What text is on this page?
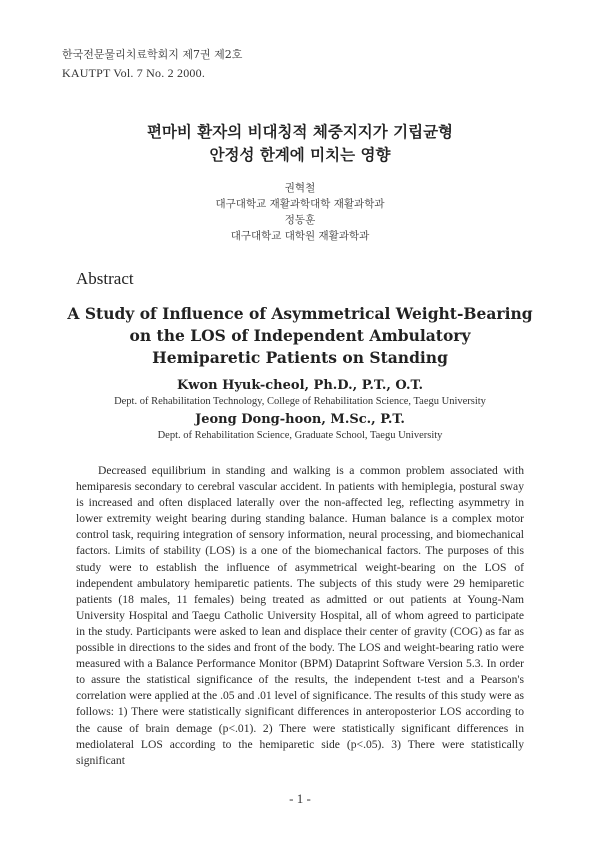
한국전문물리치료학회지 제7권 제2호
KAUTPT Vol. 7 No. 2 2000.
편마비 환자의 비대칭적 체중지지가 기립균형
안정성 한계에 미치는 영향
권혁철
대구대학교 재활과학대학 재활과학과
정동훈
대구대학교 대학원 재활과학과
Abstract
A Study of Influence of Asymmetrical Weight-Bearing
on the LOS of Independent Ambulatory
Hemiparetic Patients on Standing
Kwon Hyuk-cheol, Ph.D., P.T., O.T.
Dept. of Rehabilitation Technology, College of Rehabilitation Science, Taegu University
Jeong Dong-hoon, M.Sc., P.T.
Dept. of Rehabilitation Science, Graduate School, Taegu University

Decreased equilibrium in standing and walking is a common problem associated with hemiparesis secondary to cerebral vascular accident. In patients with hemiplegia, postural sway is increased and often displaced laterally over the non-affected leg, reflecting asymmetry in lower extremity weight bearing during standing balance. Human balance is a complex motor control task, requiring integration of sensory information, neural processing, and biomechanical factors. Limits of stability (LOS) is a one of the biomechanical factors. The purposes of this study were to establish the influence of asymmetrical weight-bearing on the LOS of independent ambulatory hemiparetic patients. The subjects of this study were 29 hemiparetic patients (18 males, 11 females) being treated as admitted or out patients at Young-Nam University Hospital and Taegu Catholic University Hospital, all of whom agreed to participate in the study. Participants were asked to lean and displace their center of gravity (COG) as far as possible in directions to the sides and front of the body. The LOS and weight-bearing ratio were measured with a Balance Performance Monitor (BPM) Dataprint Software Version 5.3. In order to assure the statistical significance of the results, the independent t-test and a Pearson's correlation were applied at the .05 and .01 level of significance. The results of this study were as follows: 1) There were statistically significant differences in anteroposterior LOS according to the cause of brain demage (p<.01). 2) There were statistically significant differences in mediolateral LOS according to the hemiparetic side (p<.05). 3) There were statistically significant

- 1 -
